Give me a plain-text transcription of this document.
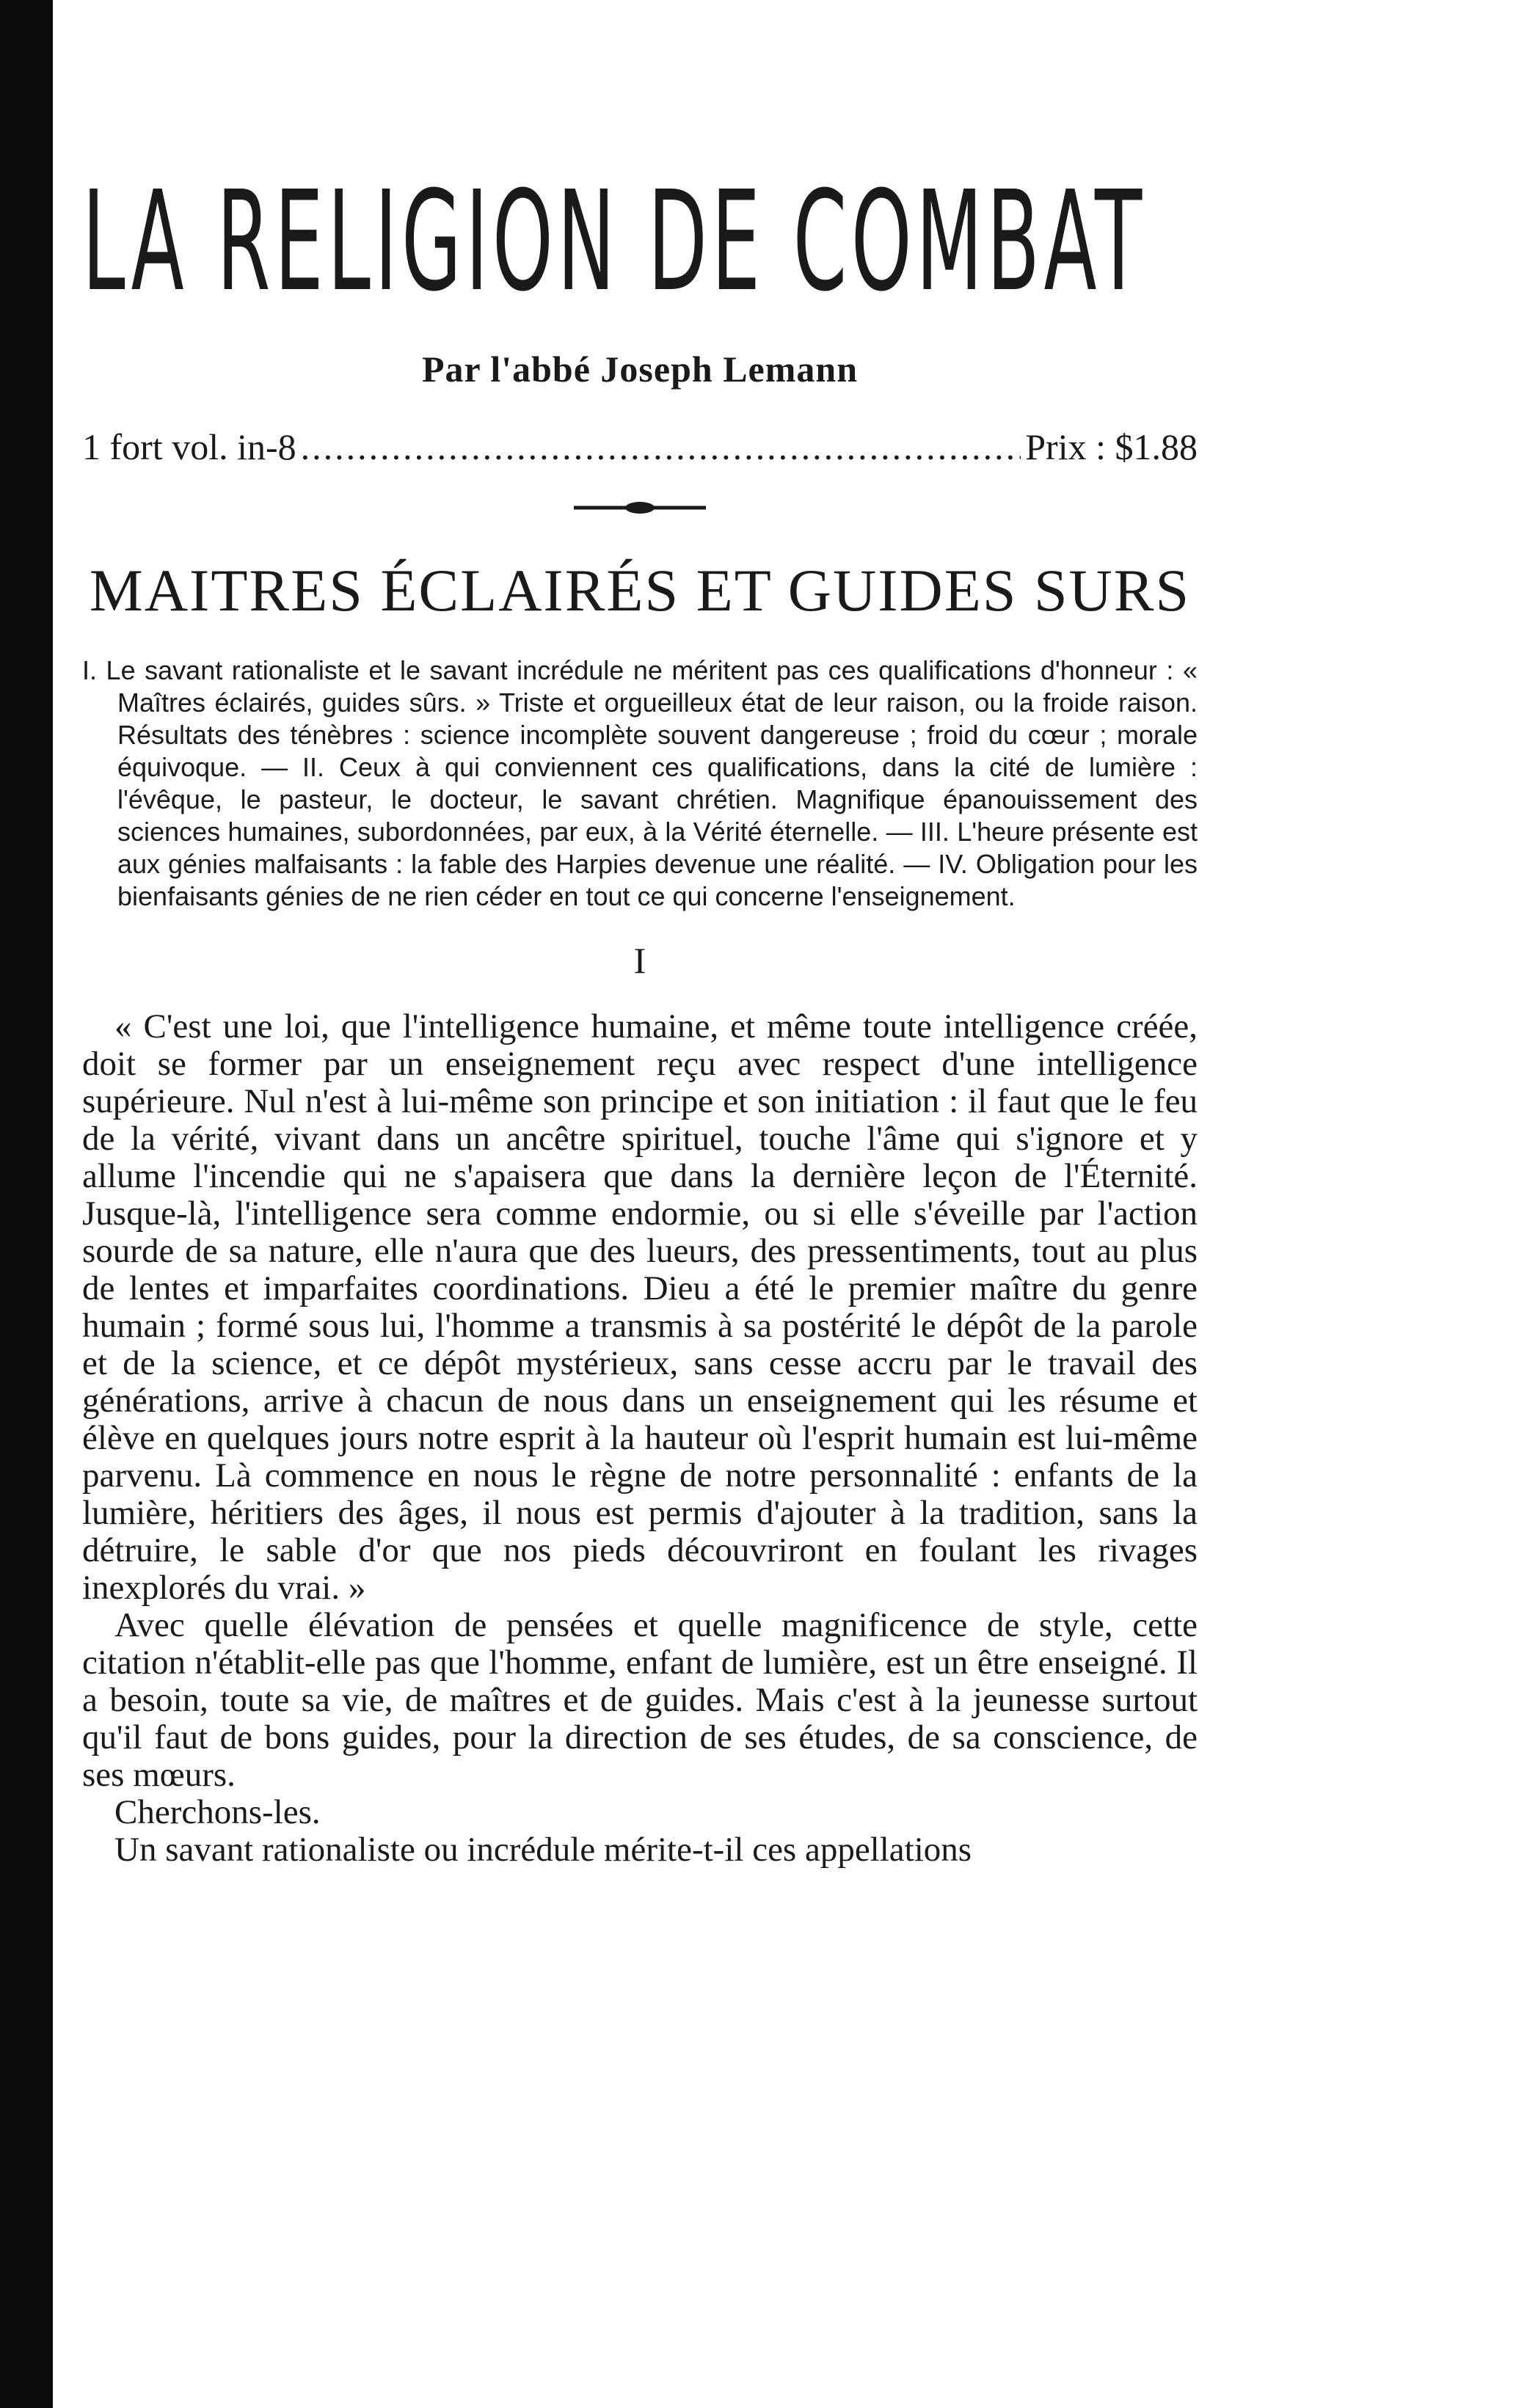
LA RELIGION DE COMBAT
Par l'abbé Joseph Lemann
1 fort vol. in-8
.....	Prix : $1.88
MAITRES ÉCLAIRÉS ET GUIDES SURS
I. Le savant rationaliste et le savant incrédule ne méritent pas ces qualifications d'honneur : « Maîtres éclairés, guides sûrs. » Triste et orgueilleux état de leur raison, ou la froide raison. Résultats des ténèbres : science incomplète souvent dangereuse ; froid du cœur ; morale équivoque. — II. Ceux à qui conviennent ces qualifications, dans la cité de lumière : l'évêque, le pasteur, le docteur, le savant chrétien. Magnifique épanouissement des sciences humaines, subordonnées, par eux, à la Vérité éternelle. — III. L'heure présente est aux génies malfaisants : la fable des Harpies devenue une réalité. — IV. Obligation pour les bienfaisants génies de ne rien céder en tout ce qui concerne l'enseignement.
I

« C'est une loi, que l'intelligence humaine, et même toute intelligence créée, doit se former par un enseignement reçu avec respect d'une intelligence supérieure. Nul n'est à lui-même son principe et son initiation : il faut que le feu de la vérité, vivant dans un ancêtre spirituel, touche l'âme qui s'ignore et y allume l'incendie qui ne s'apaisera que dans la dernière leçon de l'Éternité. Jusque-là, l'intelligence sera comme endormie, ou si elle s'éveille par l'action sourde de sa nature, elle n'aura que des lueurs, des pressentiments, tout au plus de lentes et imparfaites coordinations. Dieu a été le premier maître du genre humain ; formé sous lui, l'homme a transmis à sa postérité le dépôt de la parole et de la science, et ce dépôt mystérieux, sans cesse accru par le travail des générations, arrive à chacun de nous dans un enseignement qui les résume et élève en quelques jours notre esprit à la hauteur où l'esprit humain est lui-même parvenu. Là commence en nous le règne de notre personnalité : enfants de la lumière, héritiers des âges, il nous est permis d'ajouter à la tradition, sans la détruire, le sable d'or que nos pieds découvriront en foulant les rivages inexplorés du vrai. »

Avec quelle élévation de pensées et quelle magnificence de style, cette citation n'établit-elle pas que l'homme, enfant de lumière, est un être enseigné. Il a besoin, toute sa vie, de maîtres et de guides. Mais c'est à la jeunesse surtout qu'il faut de bons guides, pour la direction de ses études, de sa conscience, de ses mœurs.

Cherchons-les.

Un savant rationaliste ou incrédule mérite-t-il ces appellations
